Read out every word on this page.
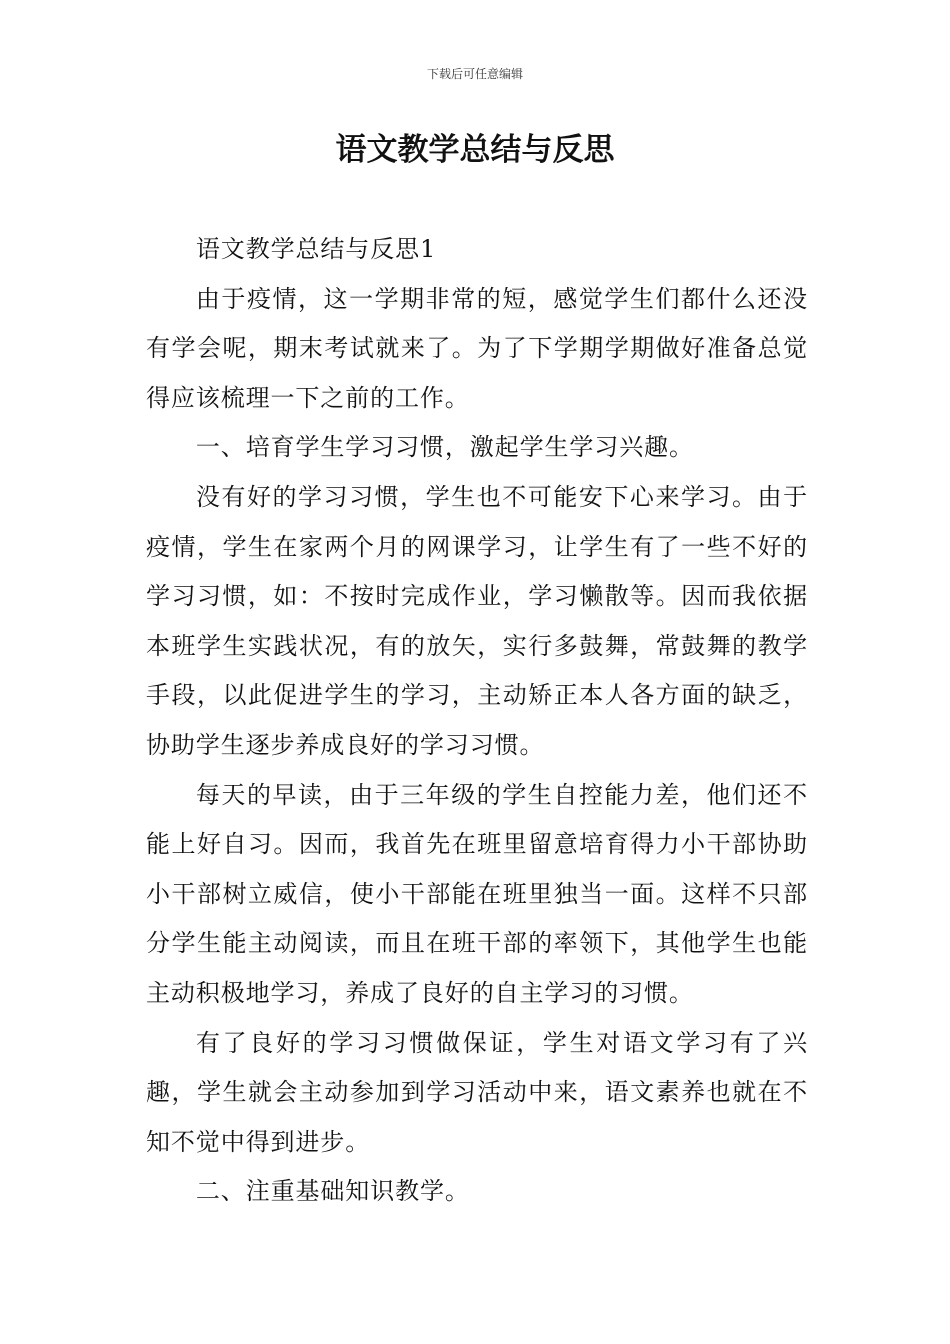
下载后可任意编辑
语文教学总结与反思

语文教学总结与反思1

由于疫情，这一学期非常的短，感觉学生们都什么还没有学会呢，期末考试就来了。为了下学期学期做好准备总觉得应该梳理一下之前的工作。

一、培育学生学习习惯，激起学生学习兴趣。

没有好的学习习惯，学生也不可能安下心来学习。由于疫情，学生在家两个月的网课学习，让学生有了一些不好的学习习惯，如：不按时完成作业，学习懒散等。因而我依据本班学生实践状况，有的放矢，实行多鼓舞，常鼓舞的教学手段，以此促进学生的学习，主动矫正本人各方面的缺乏，协助学生逐步养成良好的学习习惯。

每天的早读，由于三年级的学生自控能力差，他们还不能上好自习。因而，我首先在班里留意培育得力小干部协助小干部树立威信，使小干部能在班里独当一面。这样不只部分学生能主动阅读，而且在班干部的率领下，其他学生也能主动积极地学习，养成了良好的自主学习的习惯。

有了良好的学习习惯做保证，学生对语文学习有了兴趣，学生就会主动参加到学习活动中来，语文素养也就在不知不觉中得到进步。

二、注重基础知识教学。
